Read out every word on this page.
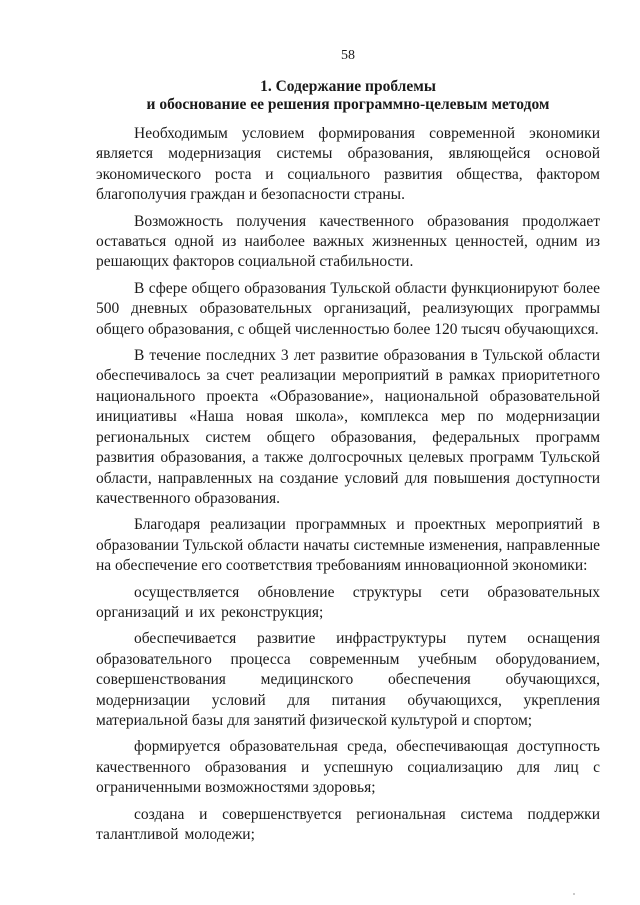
58
1. Содержание проблемы
и обоснование ее решения программно-целевым методом

Необходимым условием формирования современной экономики является модернизация системы образования, являющейся основой экономического роста и социального развития общества, фактором благополучия граждан и безопасности страны.

Возможность получения качественного образования продолжает оставаться одной из наиболее важных жизненных ценностей, одним из решающих факторов социальной стабильности.

В сфере общего образования Тульской области функционируют более 500 дневных образовательных организаций, реализующих программы общего образования, с общей численностью более 120 тысяч обучающихся.

В течение последних 3 лет развитие образования в Тульской области обеспечивалось за счет реализации мероприятий в рамках приоритетного национального проекта «Образование», национальной образовательной инициативы «Наша новая школа», комплекса мер по модернизации региональных систем общего образования, федеральных программ развития образования, а также долгосрочных целевых программ Тульской области, направленных на создание условий для повышения доступности качественного образования.

Благодаря реализации программных и проектных мероприятий в образовании Тульской области начаты системные изменения, направленные на обеспечение его соответствия требованиям инновационной экономики:

осуществляется обновление структуры сети образовательных организаций и их реконструкция;

обеспечивается развитие инфраструктуры путем оснащения образовательного процесса современным учебным оборудованием, совершенствования медицинского обеспечения обучающихся, модернизации условий для питания обучающихся, укрепления материальной базы для занятий физической культурой и спортом;

формируется образовательная среда, обеспечивающая доступность качественного образования и успешную социализацию для лиц с ограниченными возможностями здоровья;

создана и совершенствуется региональная система поддержки талантливой молодежи;
